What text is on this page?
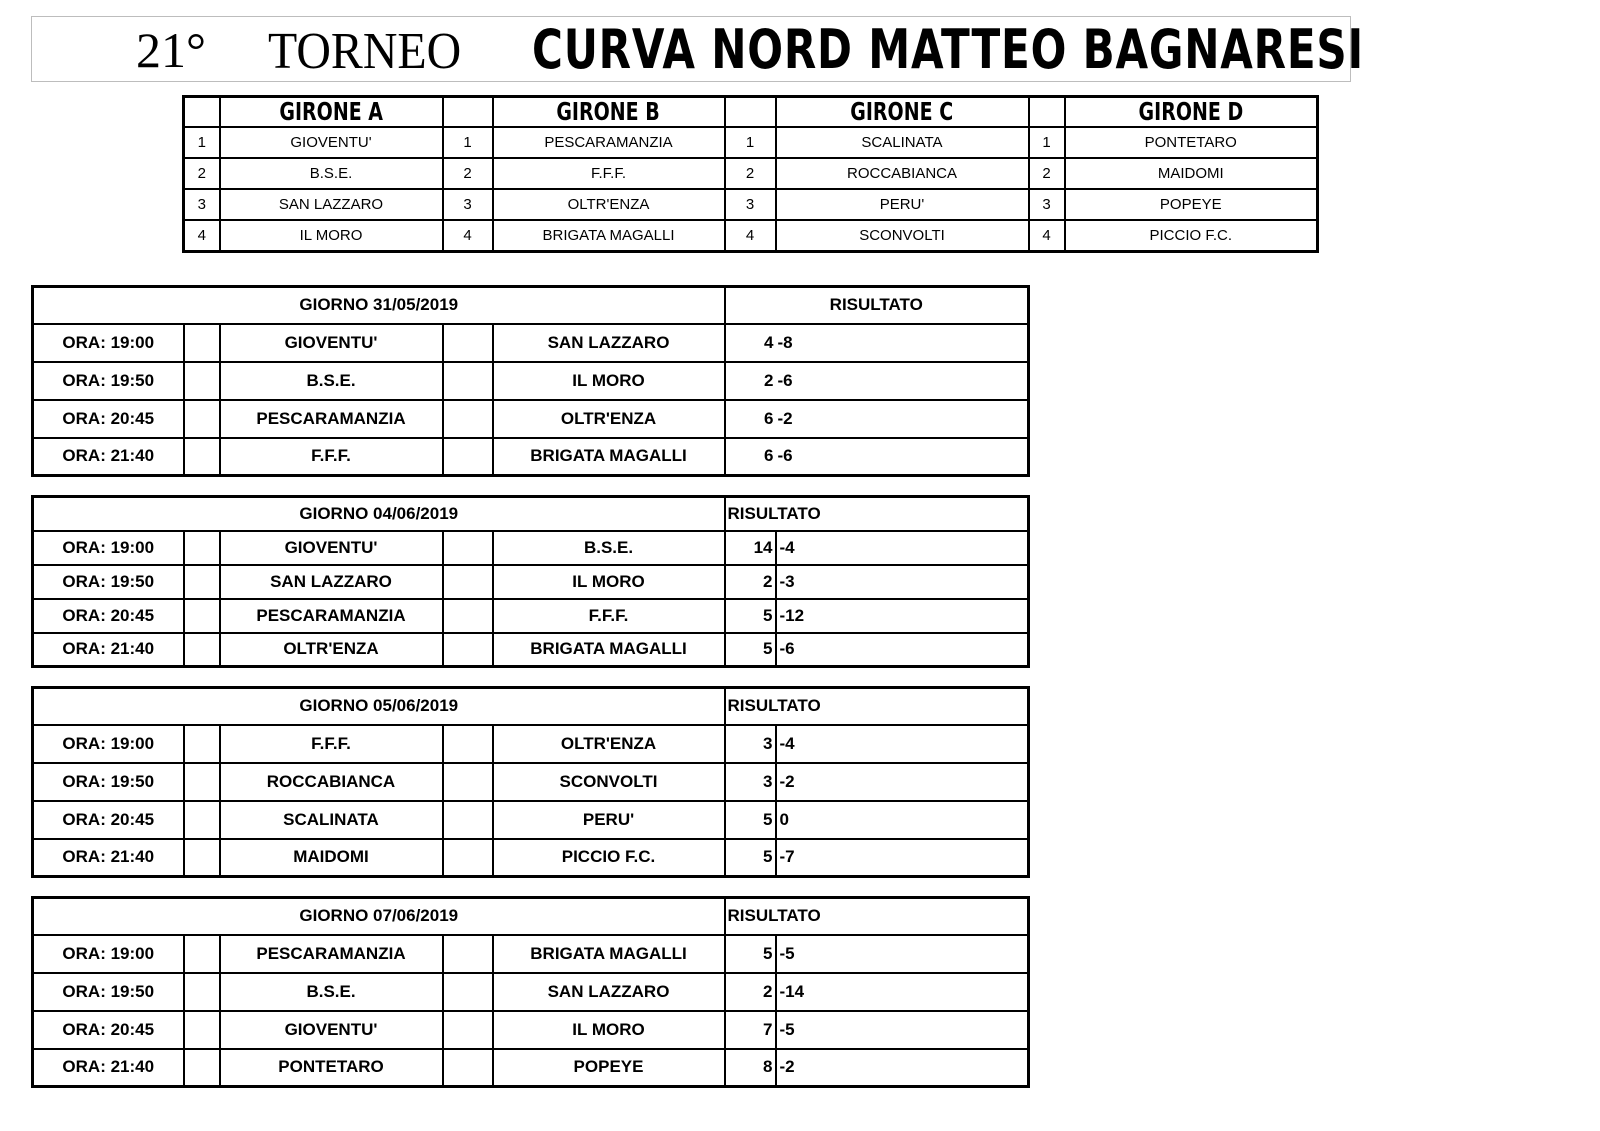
21° TORNEO CURVA NORD MATTEO BAGNARESI
	GIRONE A		GIRONE B		GIRONE C		GIRONE D
1	GIOVENTU'	1	PESCARAMANZIA	1	SCALINATA	1	PONTETARO
2	B.S.E.	2	F.F.F.	2	ROCCABIANCA	2	MAIDOMI
3	SAN LAZZARO	3	OLTR'ENZA	3	PERU'	3	POPEYE
4	IL MORO	4	BRIGATA MAGALLI	4	SCONVOLTI	4	PICCIO F.C.
GIORNO 31/05/2019					RISULTATO	
ORA: 19:00		GIOVENTU'		SAN LAZZARO	4	-8
ORA: 19:50		B.S.E.		IL MORO	2	-6
ORA: 20:45		PESCARAMANZIA		OLTR'ENZA	6	-2
ORA: 21:40		F.F.F.		BRIGATA MAGALLI	6	-6
GIORNO 04/06/2019					RISULTATO	
ORA: 19:00		GIOVENTU'		B.S.E.	14	-4
ORA: 19:50		SAN LAZZARO		IL MORO	2	-3
ORA: 20:45		PESCARAMANZIA		F.F.F.	5	-12
ORA: 21:40		OLTR'ENZA		BRIGATA MAGALLI	5	-6
GIORNO 05/06/2019					RISULTATO	
ORA: 19:00		F.F.F.		OLTR'ENZA	3	-4
ORA: 19:50		ROCCABIANCA		SCONVOLTI	3	-2
ORA: 20:45		SCALINATA		PERU'	5	0
ORA: 21:40		MAIDOMI		PICCIO F.C.	5	-7
GIORNO 07/06/2019					RISULTATO	
ORA: 19:00		PESCARAMANZIA		BRIGATA MAGALLI	5	-5
ORA: 19:50		B.S.E.		SAN LAZZARO	2	-14
ORA: 20:45		GIOVENTU'		IL MORO	7	-5
ORA: 21:40		PONTETARO		POPEYE	8	-2
